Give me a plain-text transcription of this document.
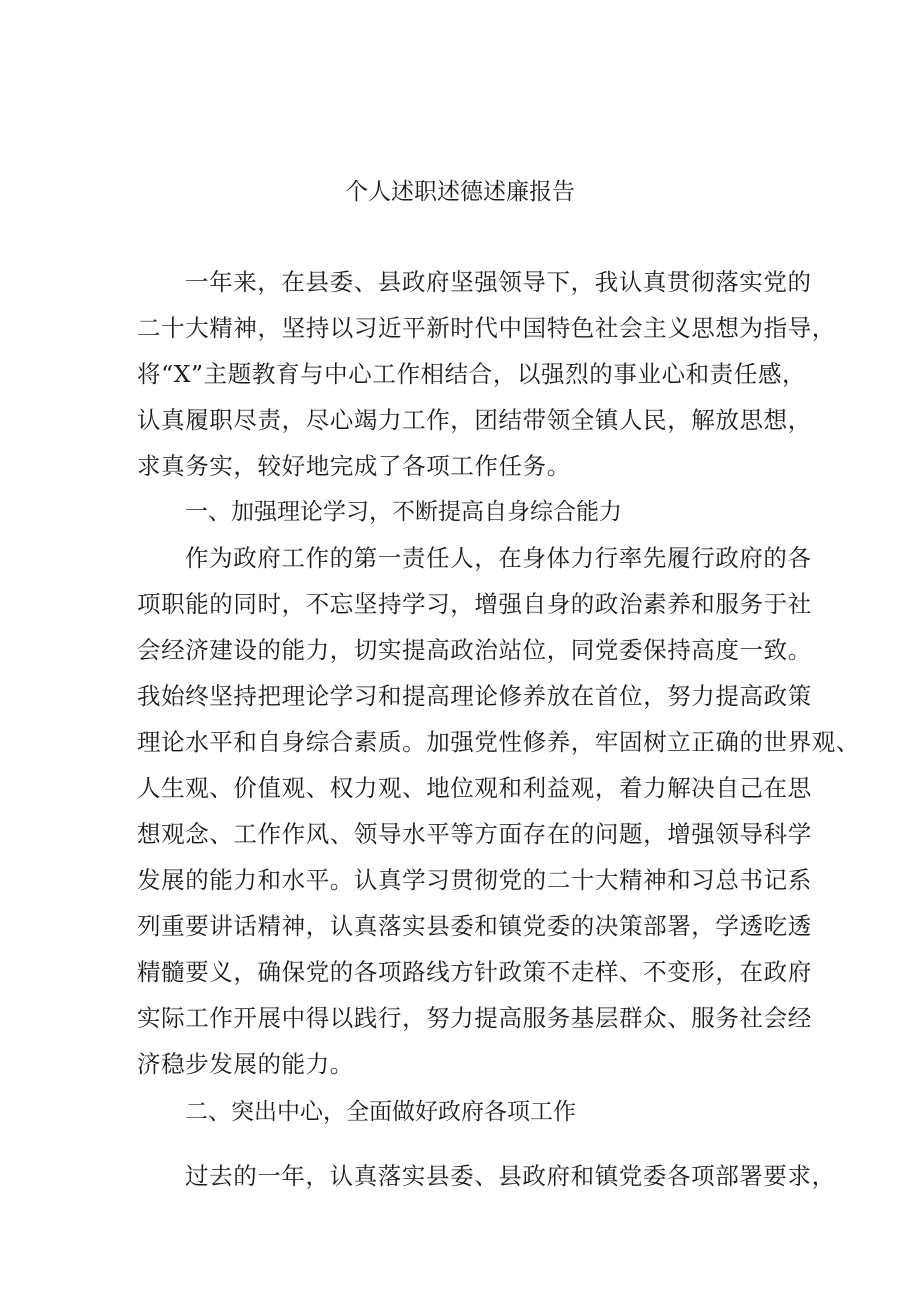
个人述职述德述廉报告

一年来，在县委、县政府坚强领导下，我认真贯彻落实党的

二十大精神，坚持以习近平新时代中国特色社会主义思想为指导，

将“X”主题教育与中心工作相结合，以强烈的事业心和责任感，

认真履职尽责，尽心竭力工作，团结带领全镇人民，解放思想，

求真务实，较好地完成了各项工作任务。

一、加强理论学习，不断提高自身综合能力

作为政府工作的第一责任人，在身体力行率先履行政府的各

项职能的同时，不忘坚持学习，增强自身的政治素养和服务于社

会经济建设的能力，切实提高政治站位，同党委保持高度一致。

我始终坚持把理论学习和提高理论修养放在首位，努力提高政策

理论水平和自身综合素质。加强党性修养，牢固树立正确的世界观、

人生观、价值观、权力观、地位观和利益观，着力解决自己在思

想观念、工作作风、领导水平等方面存在的问题，增强领导科学

发展的能力和水平。认真学习贯彻党的二十大精神和习总书记系

列重要讲话精神，认真落实县委和镇党委的决策部署，学透吃透

精髓要义，确保党的各项路线方针政策不走样、不变形，在政府

实际工作开展中得以践行，努力提高服务基层群众、服务社会经

济稳步发展的能力。

二、突出中心，全面做好政府各项工作

过去的一年，认真落实县委、县政府和镇党委各项部署要求，
